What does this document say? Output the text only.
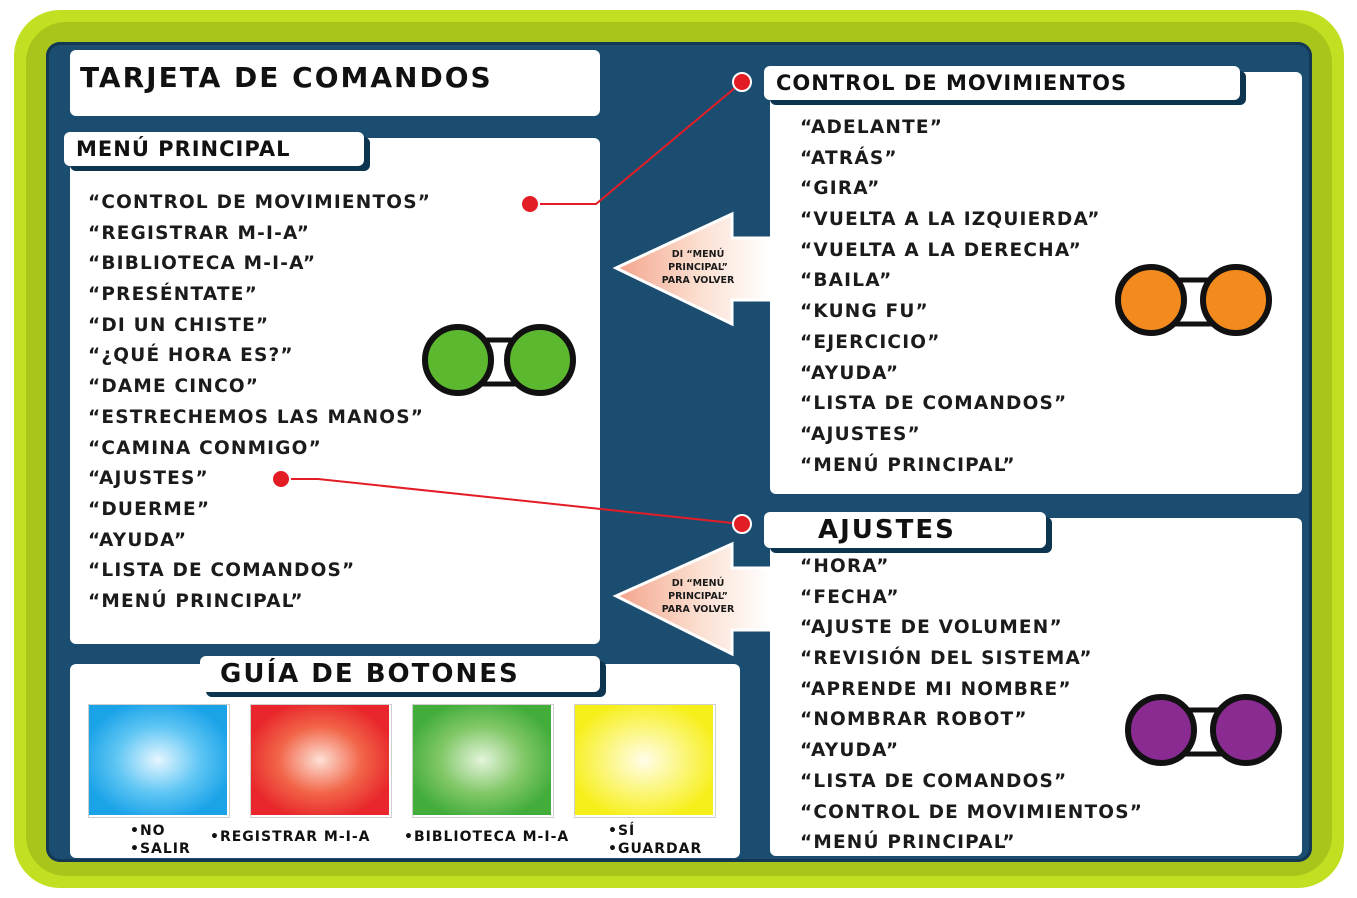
TARJETA DE COMANDOS
MENÚ PRINCIPAL
“CONTROL DE MOVIMIENTOS”
“REGISTRAR M-I-A”
“BIBLIOTECA M-I-A”
“PRESÉNTATE”
“DI UN CHISTE”
“¿QUÉ HORA ES?”
“DAME CINCO”
“ESTRECHEMOS LAS MANOS”
“CAMINA CONMIGO”
“AJUSTES”
“DUERME”
“AYUDA”
“LISTA DE COMANDOS”
“MENÚ PRINCIPAL”
CONTROL DE MOVIMIENTOS
“ADELANTE”
“ATRÁS”
“GIRA”
“VUELTA A LA IZQUIERDA”
“VUELTA A LA DERECHA”
“BAILA”
“KUNG FU”
“EJERCICIO”
“AYUDA”
“LISTA DE COMANDOS”
“AJUSTES”
“MENÚ PRINCIPAL”
AJUSTES
“HORA”
“FECHA”
“AJUSTE DE VOLUMEN”
“REVISIÓN DEL SISTEMA”
“APRENDE MI NOMBRE”
“NOMBRAR ROBOT”
“AYUDA”
“LISTA DE COMANDOS”
“CONTROL DE MOVIMIENTOS”
“MENÚ PRINCIPAL”
GUÍA DE BOTONES
•NO
•SALIR
•REGISTRAR M-I-A •BIBLIOTECA M-I-A	•SÍ
•GUARDAR
DI “MENÚ
PRINCIPAL”
PARA VOLVER
DI “MENÚ
PRINCIPAL”
PARA VOLVER
